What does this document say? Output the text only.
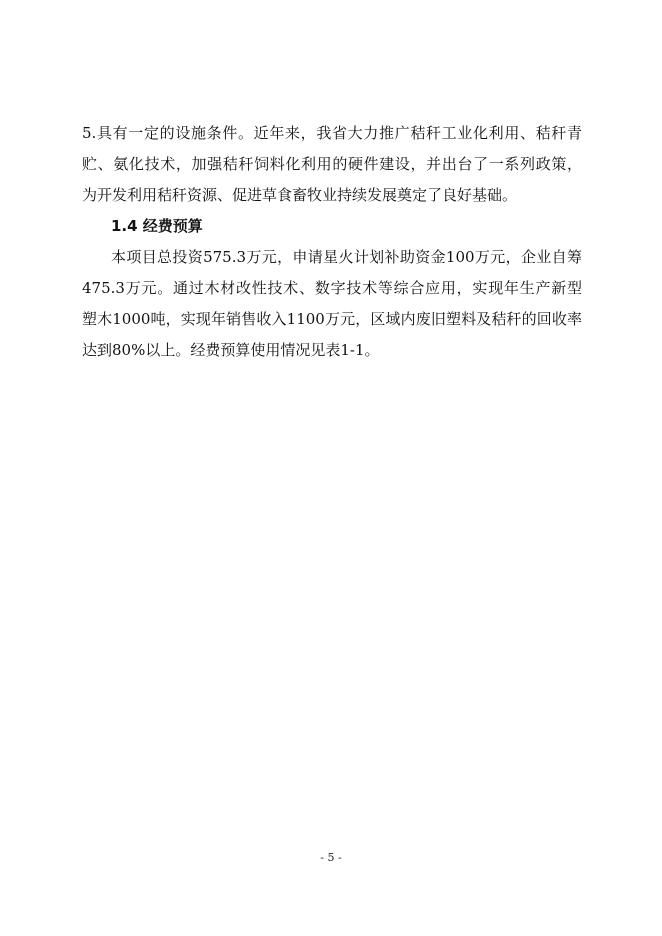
5.具有一定的设施条件。近年来，我省大力推广秸秆工业化利用、秸秆青
贮、氨化技术，加强秸秆饲料化利用的硬件建设，并出台了一系列政策，
为开发利用秸秆资源、促进草食畜牧业持续发展奠定了良好基础。
1.4 经费预算
本项目总投资575.3万元，申请星火计划补助资金100万元，企业自筹
475.3万元。通过木材改性技术、数字技术等综合应用，实现年生产新型
塑木1000吨，实现年销售收入1100万元，区域内废旧塑料及秸秆的回收率
达到80%以上。经费预算使用情况见表1-1。
- 5 -
